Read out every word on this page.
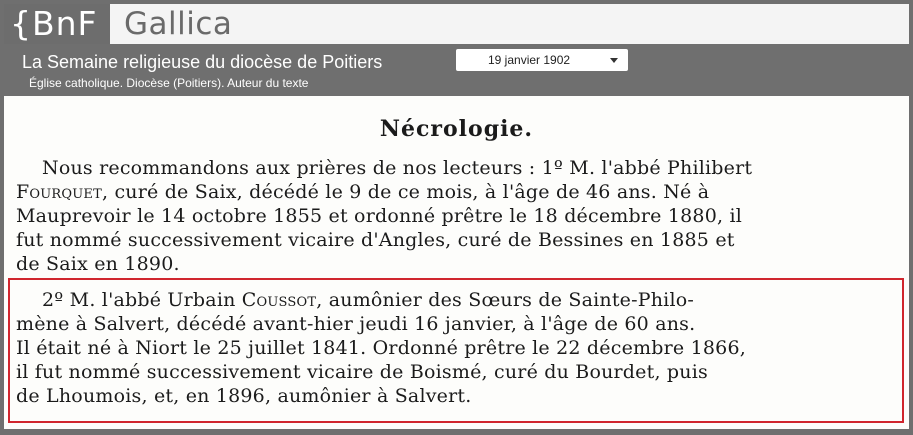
{BnF Gallica
La Semaine religieuse du diocèse de Poitiers
Église catholique. Diocèse (Poitiers). Auteur du texte
19 janvier 1902
Nécrologie.
Nous recommandons aux prières de nos lecteurs : 1º M. l'abbé Philibert
Fourquet, curé de Saix, décédé le 9 de ce mois, à l'âge de 46 ans. Né à
Mauprevoir le 14 octobre 1855 et ordonné prêtre le 18 décembre 1880, il
fut nommé successivement vicaire d'Angles, curé de Bessines en 1885 et
de Saix en 1890.
2º M. l'abbé Urbain Coussot, aumônier des Sœurs de Sainte-Philo-
mène à Salvert, décédé avant-hier jeudi 16 janvier, à l'âge de 60 ans.
Il était né à Niort le 25 juillet 1841. Ordonné prêtre le 22 décembre 1866,
il fut nommé successivement vicaire de Boismé, curé du Bourdet, puis
de Lhoumois, et, en 1896, aumônier à Salvert.
